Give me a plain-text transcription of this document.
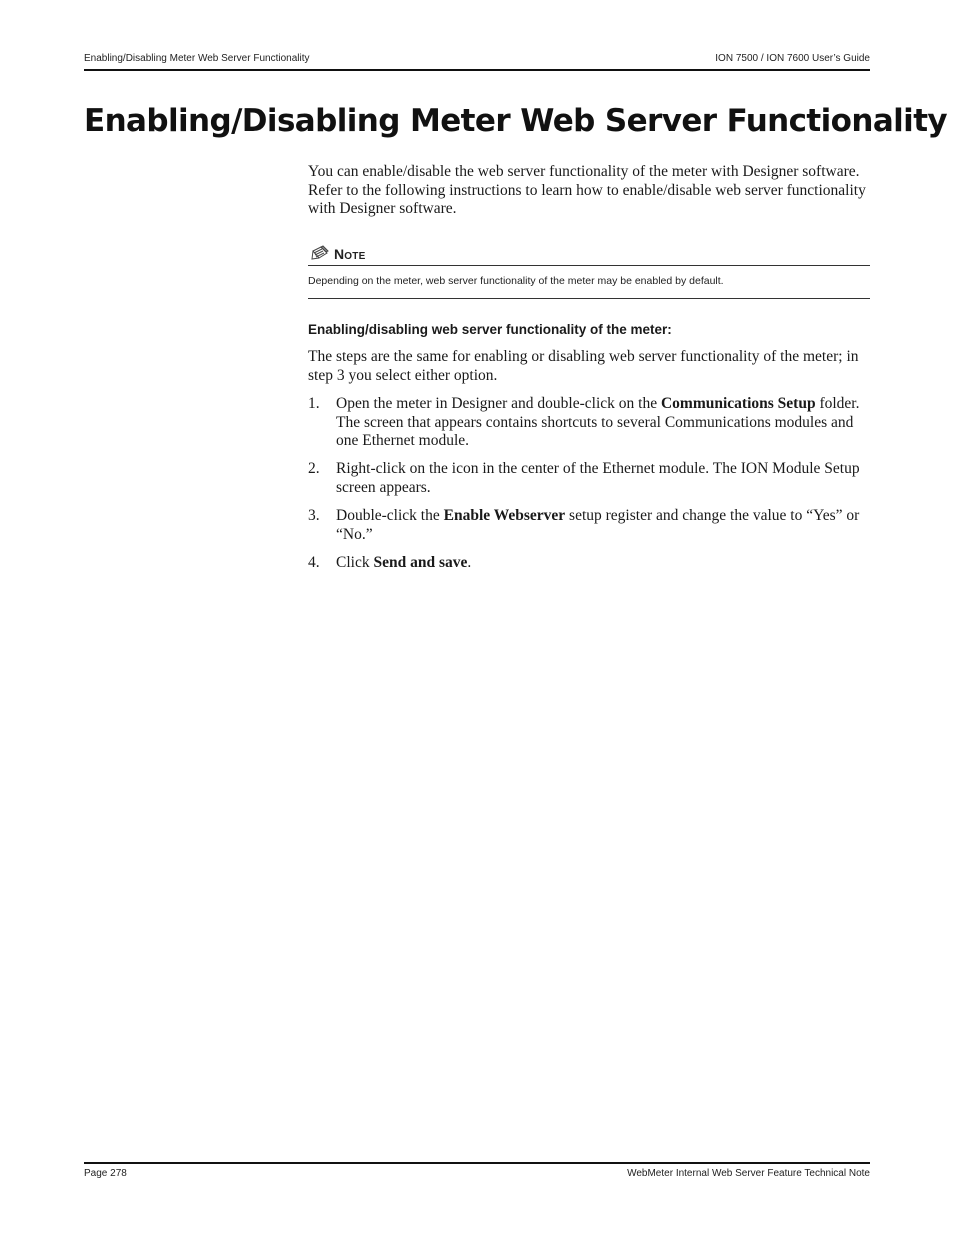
Enabling/Disabling Meter Web Server Functionality	ION 7500 / ION 7600 User’s Guide
Enabling/Disabling Meter Web Server Functionality

You can enable/disable the web server functionality of the meter with Designer software. Refer to the following instructions to learn how to enable/disable web server functionality with Designer software.

Note
Depending on the meter, web server functionality of the meter may be enabled by default.
Enabling/disabling web server functionality of the meter:

The steps are the same for enabling or disabling web server functionality of the meter; in step 3 you select either option.

1. Open the meter in Designer and double-click on the Communications Setup folder. The screen that appears contains shortcuts to several Communications modules and one Ethernet module.
2. Right-click on the icon in the center of the Ethernet module. The ION Module Setup screen appears.
3. Double-click the Enable Webserver setup register and change the value to “Yes” or “No.”
4. Click Send and save.
Page 278	WebMeter Internal Web Server Feature Technical Note
